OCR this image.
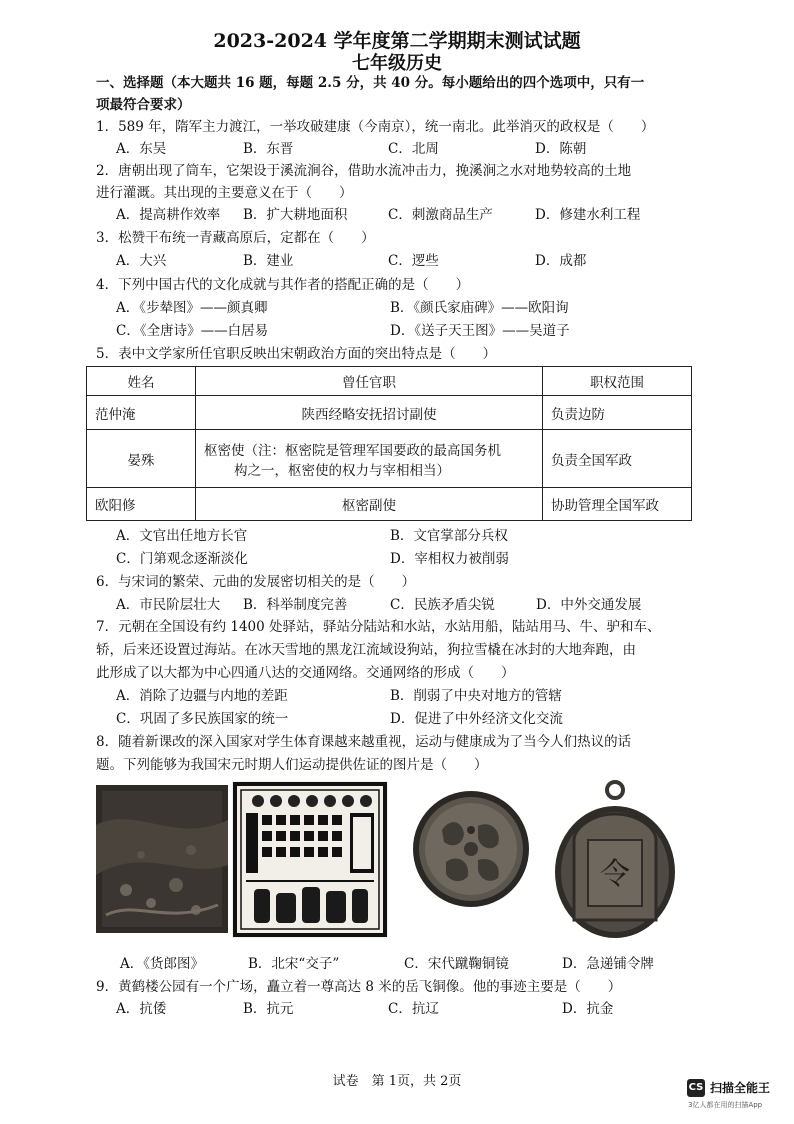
2023-2024 学年度第二学期期末测试试题
七年级历史
一、选择题（本大题共 16 题，每题 2.5 分，共 40 分。每小题给出的四个选项中，只有一
项最符合要求）
1．589 年，隋军主力渡江，一举攻破建康（今南京），统一南北。此举消灭的政权是（　　）
A．东吴	B．东晋	C．北周	D．陈朝
2．唐朝出现了筒车，它架设于溪流涧谷，借助水流冲击力，挽溪涧之水对地势较高的土地
进行灌溉。其出现的主要意义在于（　　）
A．提高耕作效率 B．扩大耕地面积	C．刺激商品生产	D．修建水利工程
3．松赞干布统一青藏高原后，定都在（　　）
A．大兴	B．建业	C．逻些	D．成都
4．下列中国古代的文化成就与其作者的搭配正确的是（　　）
A．《步辇图》——颜真卿	B．《颜氏家庙碑》——欧阳询
C．《全唐诗》——白居易	D．《送子天王图》——吴道子
5．表中文学家所任官职反映出宋朝政治方面的突出特点是（　　）
姓名	曾任官职	职权范围
范仲淹	陕西经略安抚招讨副使	负责边防
晏殊	枢密使（注：枢密院是管理军国要政的最高国务机
构之一，枢密使的权力与宰相相当）	负责全国军政
欧阳修	枢密副使	协助管理全国军政
A．文官出任地方长官	B．文官掌部分兵权
C．门第观念逐渐淡化	D．宰相权力被削弱
6．与宋词的繁荣、元曲的发展密切相关的是（　　）
A．市民阶层壮大 B．科举制度完善	C．民族矛盾尖锐	D．中外交通发展
7．元朝在全国设有约 1400 处驿站，驿站分陆站和水站，水站用船，陆站用马、牛、驴和车、
轿，后来还设置过海站。在冰天雪地的黑龙江流域设狗站，狗拉雪橇在冰封的大地奔跑，由
此形成了以大都为中心四通八达的交通网络。交通网络的形成（　　）
A．消除了边疆与内地的差距	B．削弱了中央对地方的管辖
C．巩固了多民族国家的统一	D．促进了中外经济文化交流
8．随着新课改的深入国家对学生体育课越来越重视，运动与健康成为了当今人们热议的话
题。下列能够为我国宋元时期人们运动提供佐证的图片是（　　）
令
A．《货郎图》	B．北宋“交子”	C．宋代蹴鞠铜镜	D．急递铺令牌
9．黄鹤楼公园有一个广场，矗立着一尊高达 8 米的岳飞铜像。他的事迹主要是（　　）
A．抗倭	B．抗元	C．抗辽	D．抗金
试卷　第 1页，共 2页	CS 扫描全能王
3亿人都在用的扫描App
